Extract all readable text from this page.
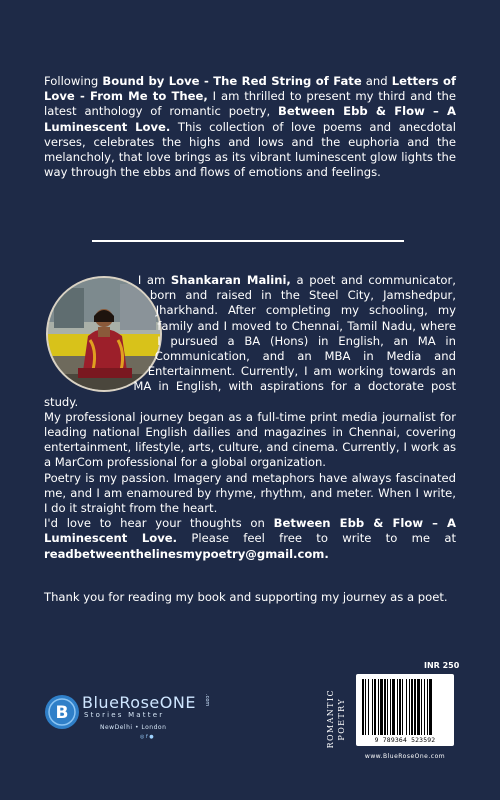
Following Bound by Love - The Red String of Fate and Letters of Love - From Me to Thee, I am thrilled to present my third and the latest anthology of romantic poetry, Between Ebb & Flow – A Luminescent Love. This collection of love poems and anecdotal verses, celebrates the highs and lows and the euphoria and the melancholy, that love brings as its vibrant luminescent glow lights the way through the ebbs and flows of emotions and feelings.

I am Shankaran Malini, a poet and communicator, born and raised in the Steel City, Jamshedpur, Jharkhand. After completing my schooling, my family and I moved to Chennai, Tamil Nadu, where I pursued a BA (Hons) in English, an MA in Communication, and an MBA in Media and Entertainment. Currently, I am working towards an MA in English, with aspirations for a doctorate post study.

My professional journey began as a full-time print media journalist for leading national English dailies and magazines in Chennai, covering entertainment, lifestyle, arts, culture, and cinema. Currently, I work as a MarCom professional for a global organization.

Poetry is my passion. Imagery and metaphors have always fascinated me, and I am enamoured by rhyme, rhythm, and meter. When I write, I do it straight from the heart.

I'd love to hear your thoughts on Between Ebb & Flow – A Luminescent Love. Please feel free to write to me at readbetweenthelinesmypoetry@gmail.com.

Thank you for reading my book and supporting my journey as a poet.
B
BlueRoseONE .com
Stories Matter
NewDelhi • London
◎ f ●	ROMANTIC POETRY
INR 250
9 789364 523592
www.BlueRoseOne.com
